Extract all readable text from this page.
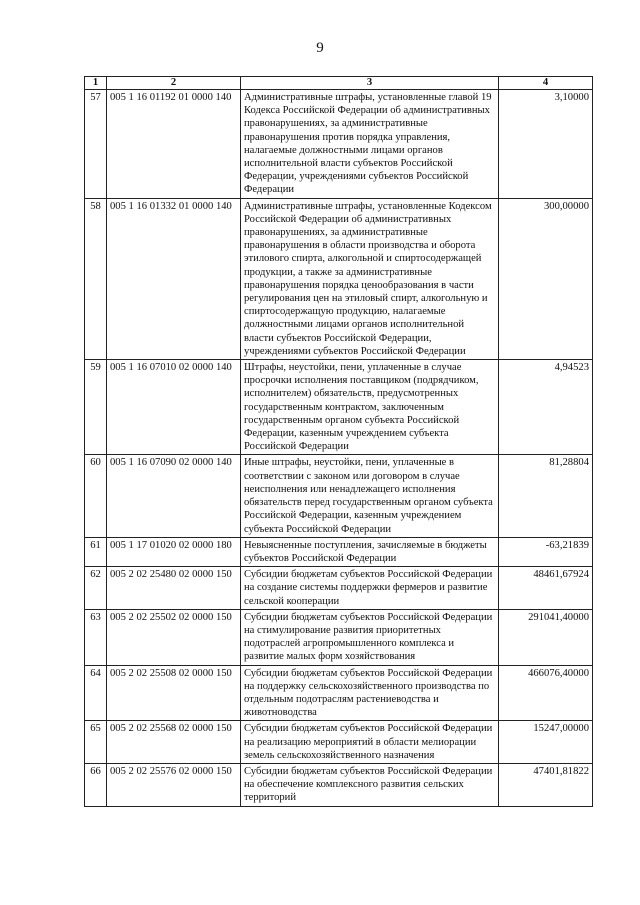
9
1	2	3	4
57	005 1 16 01192 01 0000 140	Административные штрафы, установленные главой 19 Кодекса Российской Федерации об административных правонарушениях, за административные правонарушения против порядка управления, налагаемые должностными лицами органов исполнительной власти субъектов Российской Федерации, учреждениями субъектов Российской Федерации	3,10000
58	005 1 16 01332 01 0000 140	Административные штрафы, установленные Кодексом Российской Федерации об административных правонарушениях, за административные правонарушения в области производства и оборота этилового спирта, алкогольной и спиртосодержащей продукции, а также за административные правонарушения порядка ценообразования в части регулирования цен на этиловый спирт, алкогольную и спиртосодержащую продукцию, налагаемые должностными лицами органов исполнительной власти субъектов Российской Федерации, учреждениями субъектов Российской Федерации	300,00000
59	005 1 16 07010 02 0000 140	Штрафы, неустойки, пени, уплаченные в случае просрочки исполнения поставщиком (подрядчиком, исполнителем) обязательств, предусмотренных государственным контрактом, заключенным государственным органом субъекта Российской Федерации, казенным учреждением субъекта Российской Федерации	4,94523
60	005 1 16 07090 02 0000 140	Иные штрафы, неустойки, пени, уплаченные в соответствии с законом или договором в случае неисполнения или ненадлежащего исполнения обязательств перед государственным органом субъекта Российской Федерации, казенным учреждением субъекта Российской Федерации	81,28804
61	005 1 17 01020 02 0000 180	Невыясненные поступления, зачисляемые в бюджеты субъектов Российской Федерации	-63,21839
62	005 2 02 25480 02 0000 150	Субсидии бюджетам субъектов Российской Федерации на создание системы поддержки фермеров и развитие сельской кооперации	48461,67924
63	005 2 02 25502 02 0000 150	Субсидии бюджетам субъектов Российской Федерации на стимулирование развития приоритетных подотраслей агропромышленного комплекса и развитие малых форм хозяйствования	291041,40000
64	005 2 02 25508 02 0000 150	Субсидии бюджетам субъектов Российской Федерации на поддержку сельскохозяйственного производства по отдельным подотраслям растениеводства и животноводства	466076,40000
65	005 2 02 25568 02 0000 150	Субсидии бюджетам субъектов Российской Федерации на реализацию мероприятий в области мелиорации земель сельскохозяйственного назначения	15247,00000
66	005 2 02 25576 02 0000 150	Субсидии бюджетам субъектов Российской Федерации на обеспечение комплексного развития сельских территорий	47401,81822
